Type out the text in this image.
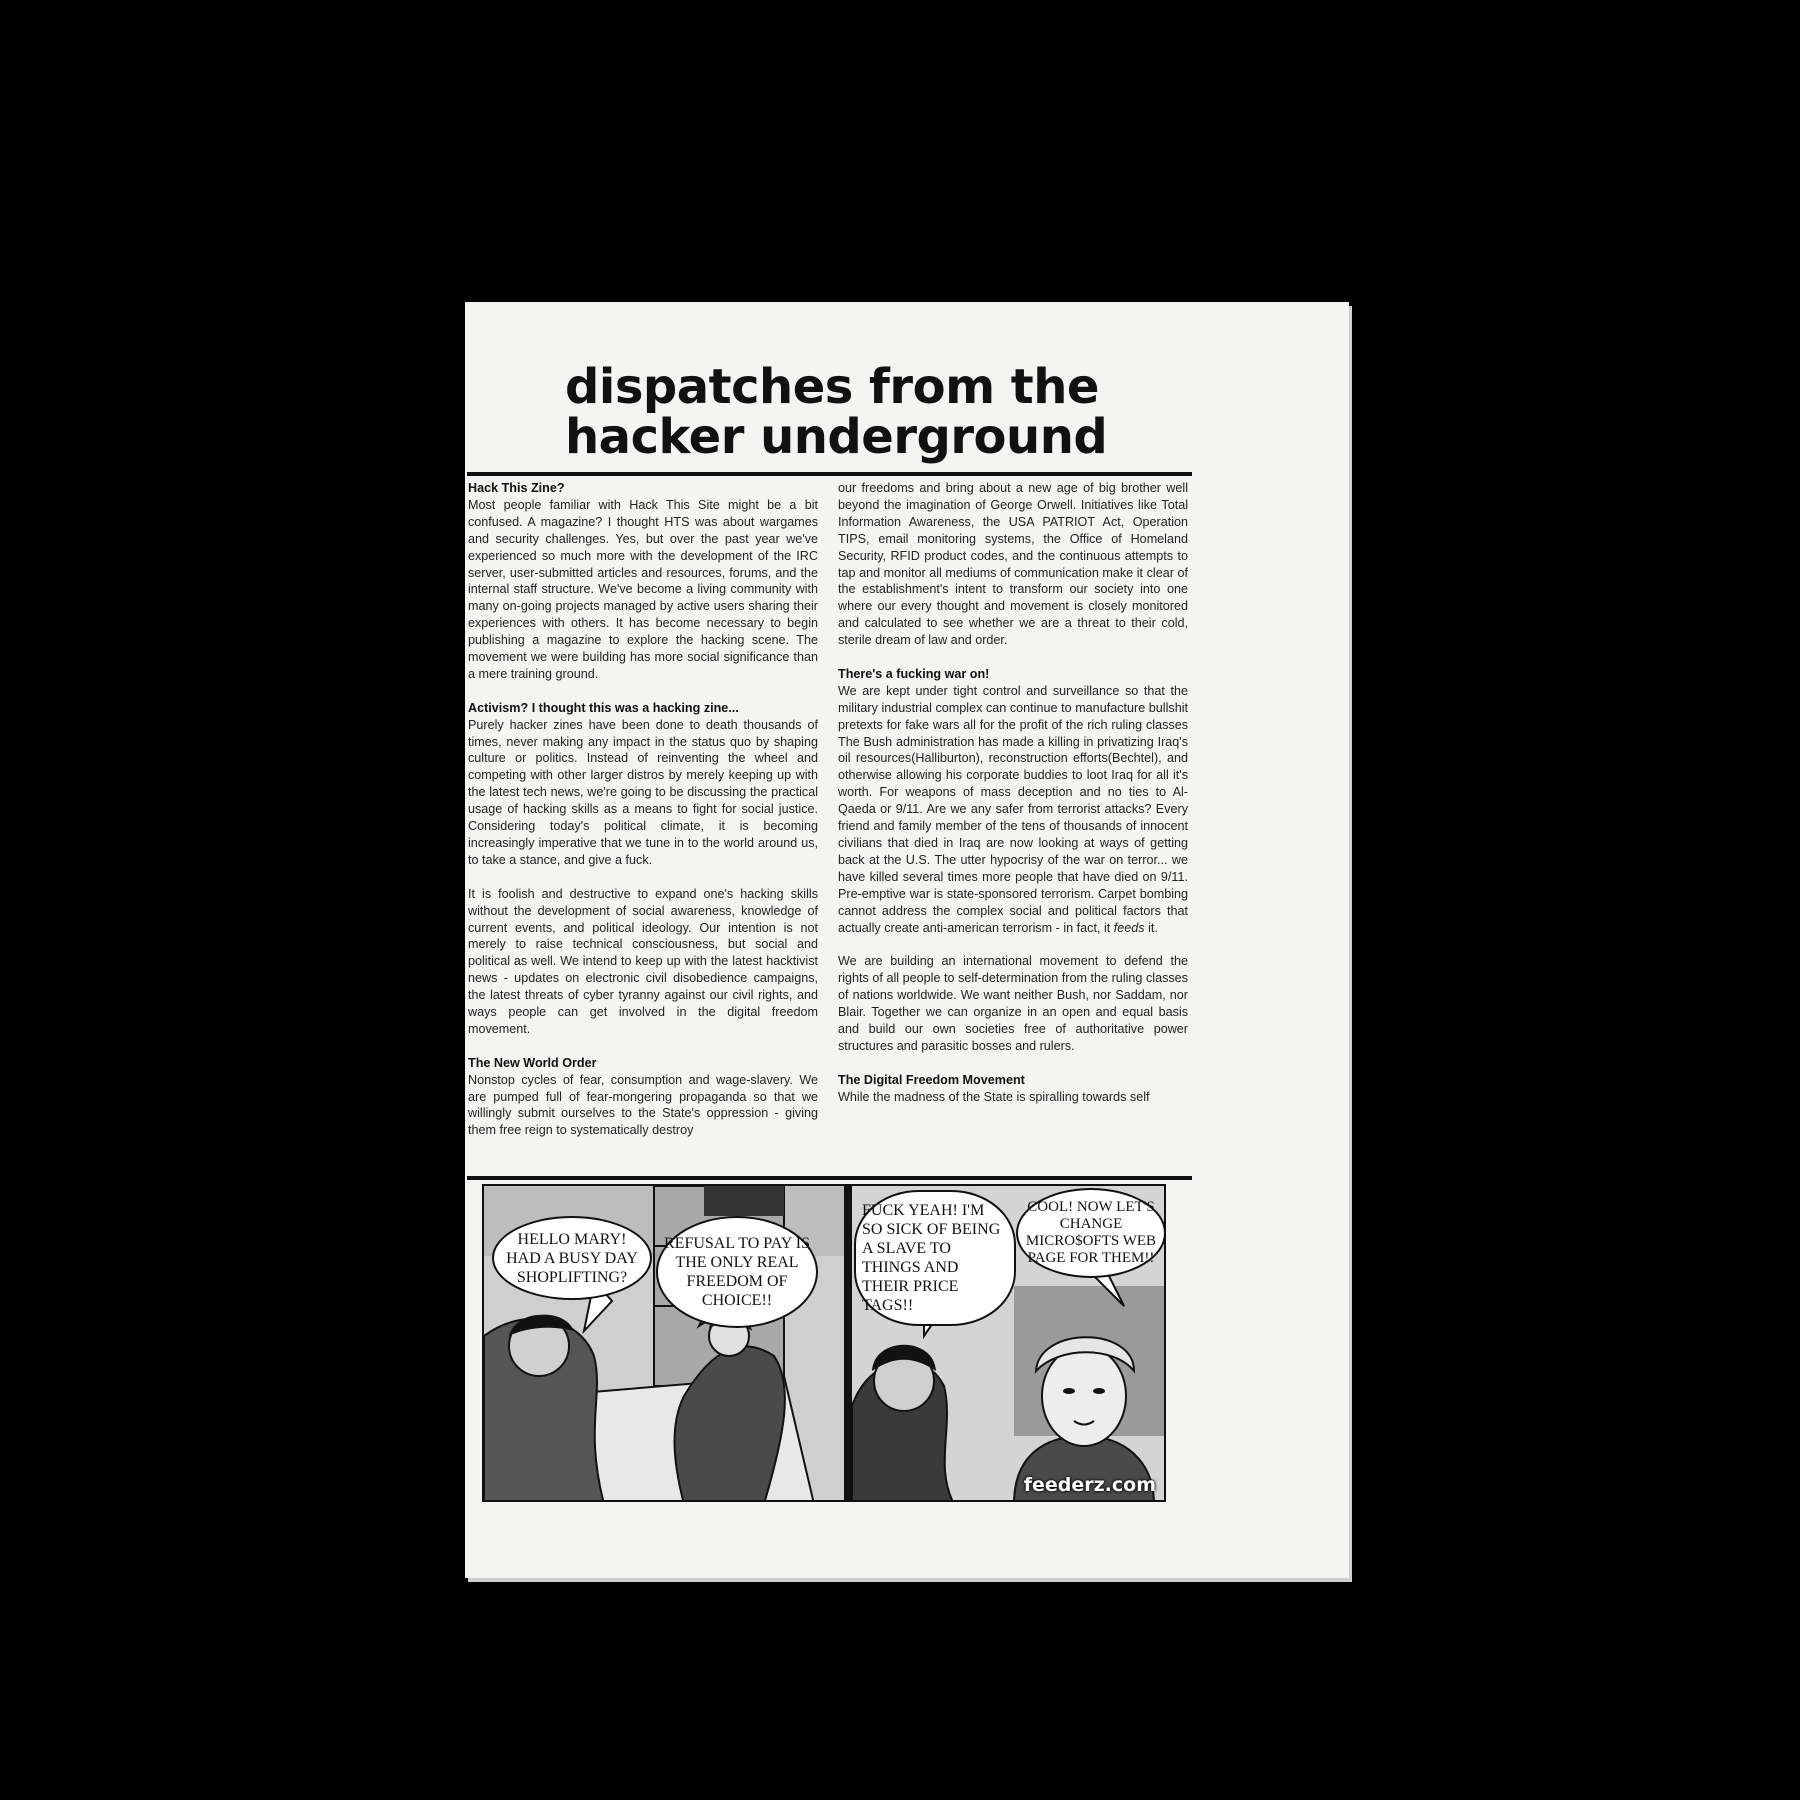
dispatches from the hacker underground
Hack This Zine?

Most people familiar with Hack This Site might be a bit confused. A magazine? I thought HTS was about wargames and security challenges. Yes, but over the past year we've experienced so much more with the development of the IRC server, user-submitted articles and resources, forums, and the internal staff structure. We've become a living community with many on-going projects managed by active users sharing their experiences with others. It has become necessary to begin publishing a magazine to explore the hacking scene. The movement we were building has more social significance than a mere training ground.

Activism? I thought this was a hacking zine...

Purely hacker zines have been done to death thousands of times, never making any impact in the status quo by shaping culture or politics. Instead of reinventing the wheel and competing with other larger distros by merely keeping up with the latest tech news, we're going to be discussing the practical usage of hacking skills as a means to fight for social justice. Considering today's political climate, it is becoming increasingly imperative that we tune in to the world around us, to take a stance, and give a fuck.

It is foolish and destructive to expand one's hacking skills without the development of social awareness, knowledge of current events, and political ideology. Our intention is not merely to raise technical consciousness, but social and political as well. We intend to keep up with the latest hacktivist news - updates on electronic civil disobedience campaigns, the latest threats of cyber tyranny against our civil rights, and ways people can get involved in the digital freedom movement.

The New World Order

Nonstop cycles of fear, consumption and wage-slavery. We are pumped full of fear-mongering propaganda so that we willingly submit ourselves to the State's oppression - giving them free reign to systematically destroy

our freedoms and bring about a new age of big brother well beyond the imagination of George Orwell. Initiatives like Total Information Awareness, the USA PATRIOT Act, Operation TIPS, email monitoring systems, the Office of Homeland Security, RFID product codes, and the continuous attempts to tap and monitor all mediums of communication make it clear of the establishment's intent to transform our society into one where our every thought and movement is closely monitored and calculated to see whether we are a threat to their cold, sterile dream of law and order.

There's a fucking war on!

We are kept under tight control and surveillance so that the military industrial complex can continue to manufacture bullshit pretexts for fake wars all for the profit of the rich ruling classes The Bush administration has made a killing in privatizing Iraq's oil resources(Halliburton), reconstruction efforts(Bechtel), and otherwise allowing his corporate buddies to loot Iraq for all it's worth. For weapons of mass deception and no ties to Al-Qaeda or 9/11. Are we any safer from terrorist attacks? Every friend and family member of the tens of thousands of innocent civilians that died in Iraq are now looking at ways of getting back at the U.S. The utter hypocrisy of the war on terror... we have killed several times more people that have died on 9/11. Pre-emptive war is state-sponsored terrorism. Carpet bombing cannot address the complex social and political factors that actually create anti-american terrorism - in fact, it feeds it.

We are building an international movement to defend the rights of all people to self-determination from the ruling classes of nations worldwide. We want neither Bush, nor Saddam, nor Blair. Together we can organize in an open and equal basis and build our own societies free of authoritative power structures and parasitic bosses and rulers.

The Digital Freedom Movement

While the madness of the State is spiralling towards self

HELLO MARY! HAD A BUSY DAY SHOPLIFTING?
REFUSAL TO PAY IS THE ONLY REAL FREEDOM OF CHOICE!!
FUCK YEAH! I'M SO SICK OF BEING A SLAVE TO THINGS AND THEIR PRICE TAGS!!
COOL! NOW LET'S CHANGE MICRO$OFTS WEB PAGE FOR THEM!!
feederz.com
